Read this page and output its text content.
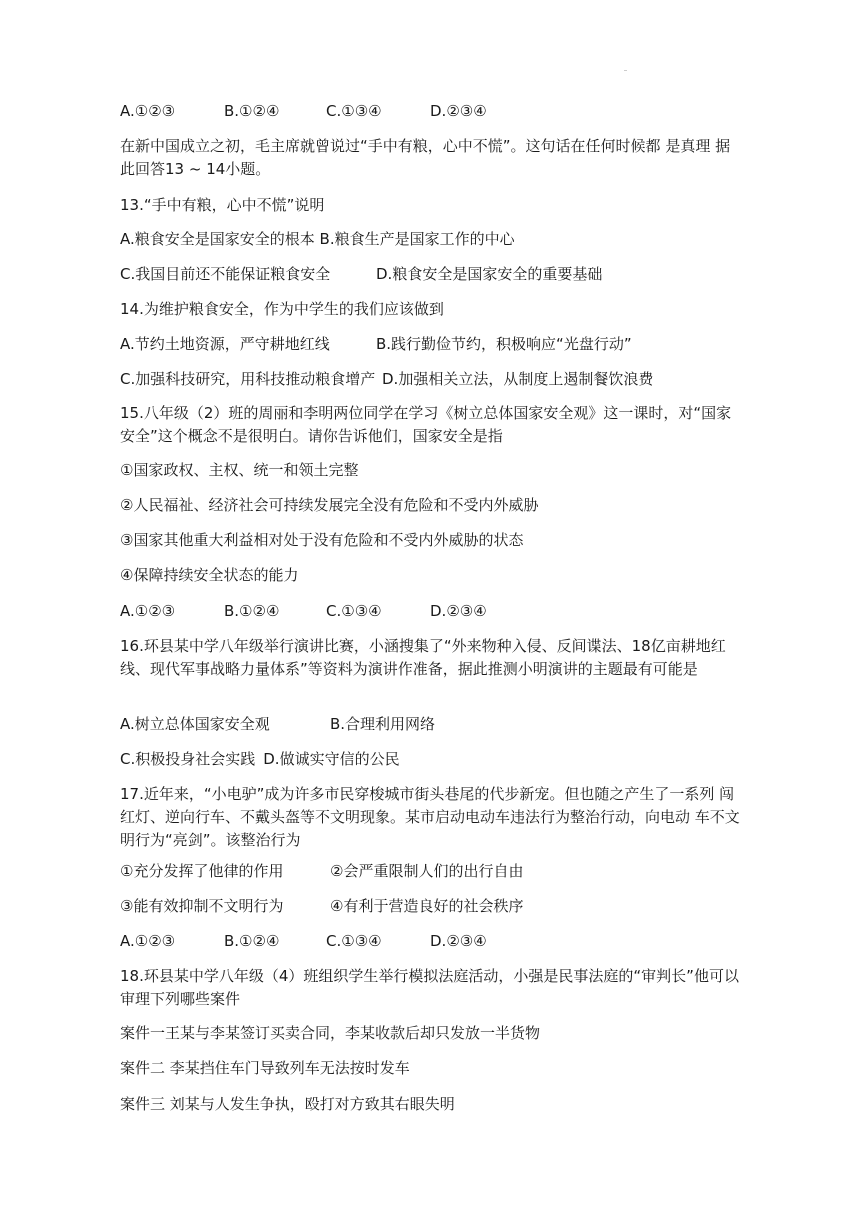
A.①②③	B.①②④	C.①③④	D.②③④
在新中国成立之初，毛主席就曾说过“手中有粮，心中不慌”。这句话在任何时候都 是真理 据此回答13 ~ 14小题。
13.“手中有粮，心中不慌”说明
A.粮食安全是国家安全的根本 B.粮食生产是国家工作的中心
C.我国目前还不能保证粮食安全	D.粮食安全是国家安全的重要基础
14.为维护粮食安全，作为中学生的我们应该做到
A.节约土地资源，严守耕地红线	B.践行勤俭节约，积极响应“光盘行动”
C.加强科技研究，用科技推动粮食增产 D.加强相关立法，从制度上遏制餐饮浪费
15.八年级（2）班的周丽和李明两位同学在学习《树立总体国家安全观》这一课时，对“国家安全”这个概念不是很明白。请你告诉他们，国家安全是指
①国家政权、主权、统一和领土完整
②人民福祉、经济社会可持续发展完全没有危险和不受内外威胁
③国家其他重大利益相对处于没有危险和不受内外威胁的状态
④保障持续安全状态的能力
A.①②③	B.①②④	C.①③④	D.②③④
16.环县某中学八年级举行演讲比赛，小涵搜集了“外来物种入侵、反间谍法、18亿亩耕地红线、现代军事战略力量体系”等资料为演讲作准备，据此推测小明演讲的主题最有可能是
A.树立总体国家安全观	B.合理利用网络
C.积极投身社会实践 D.做诚实守信的公民
17.近年来，“小电驴”成为许多市民穿梭城市街头巷尾的代步新宠。但也随之产生了一系列 闯红灯、逆向行车、不戴头盔等不文明现象。某市启动电动车违法行为整治行动，向电动 车不文明行为“亮剑”。该整治行为
①充分发挥了他律的作用	②会严重限制人们的出行自由
③能有效抑制不文明行为	④有利于营造良好的社会秩序
A.①②③	B.①②④	C.①③④	D.②③④
18.环县某中学八年级（4）班组织学生举行模拟法庭活动，小强是民事法庭的“审判长”他可以审理下列哪些案件
案件一王某与李某签订买卖合同，李某收款后却只发放一半货物
案件二 李某挡住车门导致列车无法按时发车
案件三 刘某与人发生争执，殴打对方致其右眼失明
